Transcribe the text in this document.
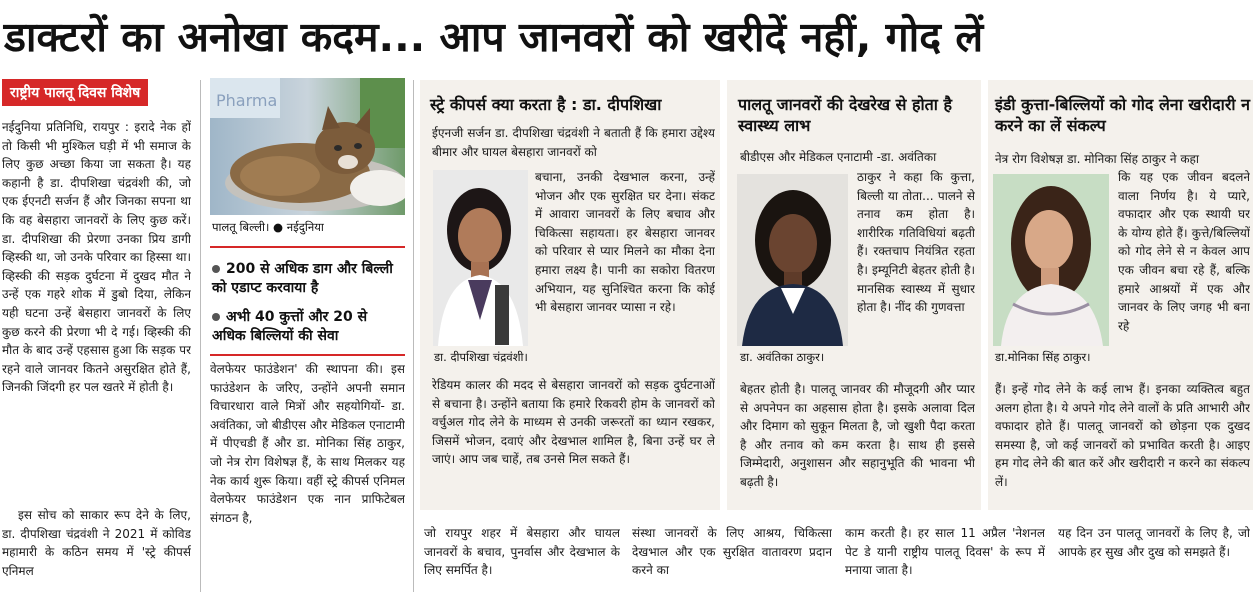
डाक्टरों का अनोखा कदम... आप जानवरों को खरीदें नहीं, गोद लें
राष्ट्रीय पालतू दिवस विशेष
नईदुनिया प्रतिनिधि, रायपुर : इरादे नेक हों तो किसी भी मुश्किल घड़ी में भी समाज के लिए कुछ अच्छा किया जा सकता है। यह कहानी है डा. दीपशिखा चंद्रवंशी की, जो एक ईएनटी सर्जन हैं और जिनका सपना था कि वह बेसहारा जानवरों के लिए कुछ करें। डा. दीपशिखा की प्रेरणा उनका प्रिय डागी व्हिस्की था, जो उनके परिवार का हिस्सा था। व्हिस्की की सड़क दुर्घटना में दुखद मौत ने उन्हें एक गहरे शोक में डुबो दिया, लेकिन यही घटना उन्हें बेसहारा जानवरों के लिए कुछ करने की प्रेरणा भी दे गई। व्हिस्की की मौत के बाद उन्हें एहसास हुआ कि सड़क पर रहने वाले जानवर कितने असुरक्षित होते हैं, जिनकी जिंदगी हर पल खतरे में होती है।
इस सोच को साकार रूप देने के लिए, डा. दीपशिखा चंद्रवंशी ने 2021 में कोविड महामारी के कठिन समय में 'स्ट्रे कीपर्स एनिमल
Pharma
पालतू बिल्ली। ● नईदुनिया
200 से अधिक डाग और बिल्ली को एडाप्ट करवाया है
अभी 40 कुत्तों और 20 से अधिक बिल्लियों की सेवा
वेलफेयर फाउंडेशन' की स्थापना की। इस फाउंडेशन के जरिए, उन्होंने अपनी समान विचारधारा वाले मित्रों और सहयोगियों- डा. अवंतिका, जो बीडीएस और मेडिकल एनाटामी में पीएचडी हैं और डा. मोनिका सिंह ठाकुर, जो नेत्र रोग विशेषज्ञ हैं, के साथ मिलकर यह नेक कार्य शुरू किया। वहीं स्ट्रे कीपर्स एनिमल वेलफेयर फाउंडेशन एक नान प्राफिटेबल संगठन है,
स्ट्रे कीपर्स क्या करता है : डा. दीपशिखा
ईएनजी सर्जन डा. दीपशिखा चंद्रवंशी ने बताती हैं कि हमारा उद्देश्य बीमार और घायल बेसहारा जानवरों को
डा. दीपशिखा चंद्रवंशी।
बचाना, उनकी देखभाल करना, उन्हें भोजन और एक सुरक्षित घर देना। संकट में आवारा जानवरों के लिए बचाव और चिकित्सा सहायता। हर बेसहारा जानवर को परिवार से प्यार मिलने का मौका देना हमारा लक्ष्य है। पानी का सकोरा वितरण अभियान, यह सुनिश्चित करना कि कोई भी बेसहारा जानवर प्यासा न रहे।
रेडियम कालर की मदद से बेसहारा जानवरों को सड़क दुर्घटनाओं से बचाना है। उन्होंने बताया कि हमारे रिकवरी होम के जानवरों को वर्चुअल गोद लेने के माध्यम से उनकी जरूरतों का ध्यान रखकर, जिसमें भोजन, दवाएं और देखभाल शामिल है, बिना उन्हें घर ले जाएं। आप जब चाहें, तब उनसे मिल सकते हैं।
पालतू जानवरों की देखरेख से होता है स्वास्थ्य लाभ
बीडीएस और मेडिकल एनाटामी -डा. अवंतिका
डा. अवंतिका ठाकुर।
ठाकुर ने कहा कि कुत्ता, बिल्ली या तोता... पालने से तनाव कम होता है। शारीरिक गतिविधियां बढ़ती हैं। रक्तचाप नियंत्रित रहता है। इम्यूनिटी बेहतर होती है। मानसिक स्वास्थ्य में सुधार होता है। नींद की गुणवत्ता
बेहतर होती है। पालतू जानवर की मौजूदगी और प्यार से अपनेपन का अहसास होता है। इसके अलावा दिल और दिमाग को सुकून मिलता है, जो खुशी पैदा करता है और तनाव को कम करता है। साथ ही इससे जिम्मेदारी, अनुशासन और सहानुभूति की भावना भी बढ़ती है।
इंडी कुत्ता-बिल्लियों को गोद लेना खरीदारी न करने का लें संकल्प
नेत्र रोग विशेषज्ञ डा. मोनिका सिंह ठाकुर ने कहा
डा.मोनिका सिंह ठाकुर।
कि यह एक जीवन बदलने वाला निर्णय है। ये प्यारे, वफादार और एक स्थायी घर के योग्य होते हैं। कुत्ते/बिल्लियों को गोद लेने से न केवल आप एक जीवन बचा रहे हैं, बल्कि हमारे आश्रयों में एक और जानवर के लिए जगह भी बना रहे
हैं। इन्हें गोद लेने के कई लाभ हैं। इनका व्यक्तित्व बहुत अलग होता है। ये अपने गोद लेने वालों के प्रति आभारी और वफादार होते हैं। पालतू जानवरों को छोड़ना एक दुखद समस्या है, जो कई जानवरों को प्रभावित करती है। आइए हम गोद लेने की बात करें और खरीदारी न करने का संकल्प लें।
जो रायपुर शहर में बेसहारा और घायल जानवरों के बचाव, पुनर्वास और देखभाल के लिए समर्पित है।
संस्था जानवरों के लिए आश्रय, चिकित्सा देखभाल और एक सुरक्षित वातावरण प्रदान करने का
काम करती है। हर साल 11 अप्रैल 'नेशनल पेट डे यानी राष्ट्रीय पालतू दिवस' के रूप में मनाया जाता है।
यह दिन उन पालतू जानवरों के लिए है, जो आपके हर सुख और दुख को समझते हैं।
